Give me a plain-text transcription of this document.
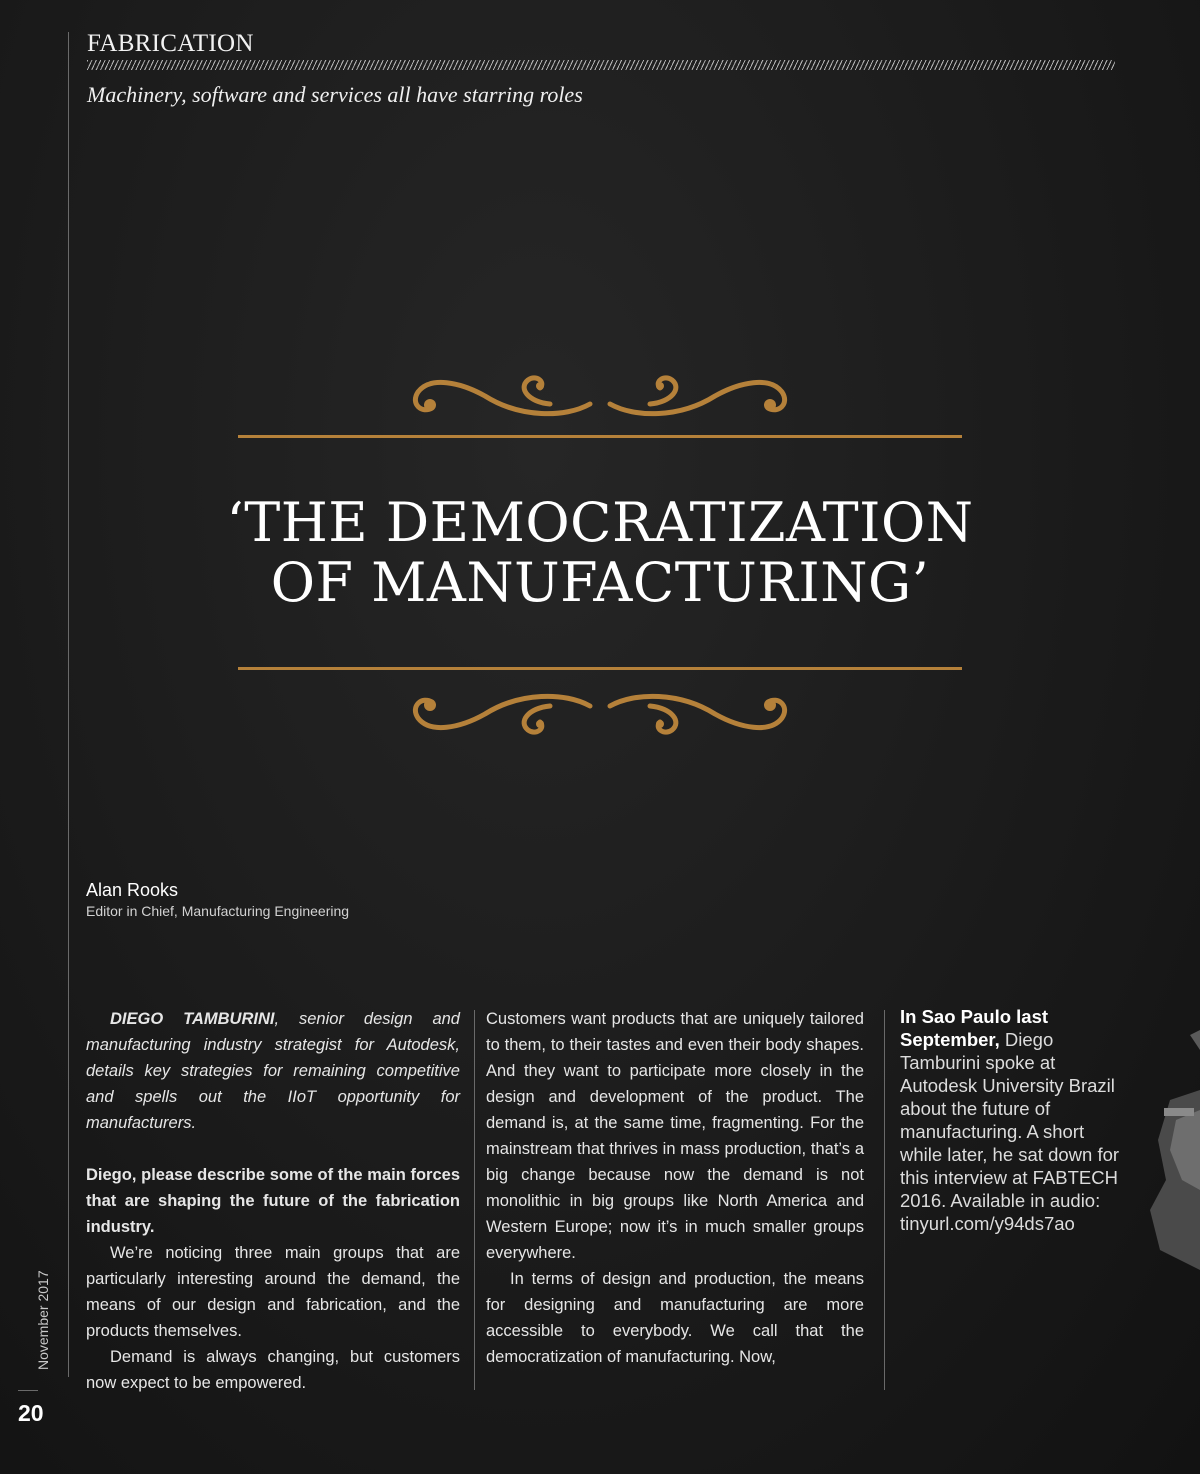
FABRICATION
Machinery, software and services all have starring roles
‘THE DEMOCRATIZATION
OF MANUFACTURING’
Alan Rooks
Editor in Chief, Manufacturing Engineering

DIEGO TAMBURINI, senior design and manufacturing industry strategist for Autodesk, details key strategies for remaining competitive and spells out the IIoT opportunity for manufacturers.

Diego, please describe some of the main forces that are shaping the future of the fabrication industry.

We’re noticing three main groups that are particularly interesting around the demand, the means of our design and fabrication, and the products themselves.

Demand is always changing, but customers now expect to be empowered.

Customers want products that are uniquely tailored to them, to their tastes and even their body shapes. And they want to participate more closely in the design and development of the product. The demand is, at the same time, fragmenting. For the mainstream that thrives in mass production, that’s a big change because now the demand is not monolithic in big groups like North America and Western Europe; now it’s in much smaller groups everywhere.

In terms of design and production, the means for designing and manufacturing are more accessible to everybody. We call that the democratization of manufacturing. Now,

In Sao Paulo last September, Diego Tamburini spoke at Autodesk University Brazil about the future of manufacturing. A short while later, he sat down for this interview at FABTECH 2016. Available in audio: tinyurl.com/y94ds7ao
November 2017
20
